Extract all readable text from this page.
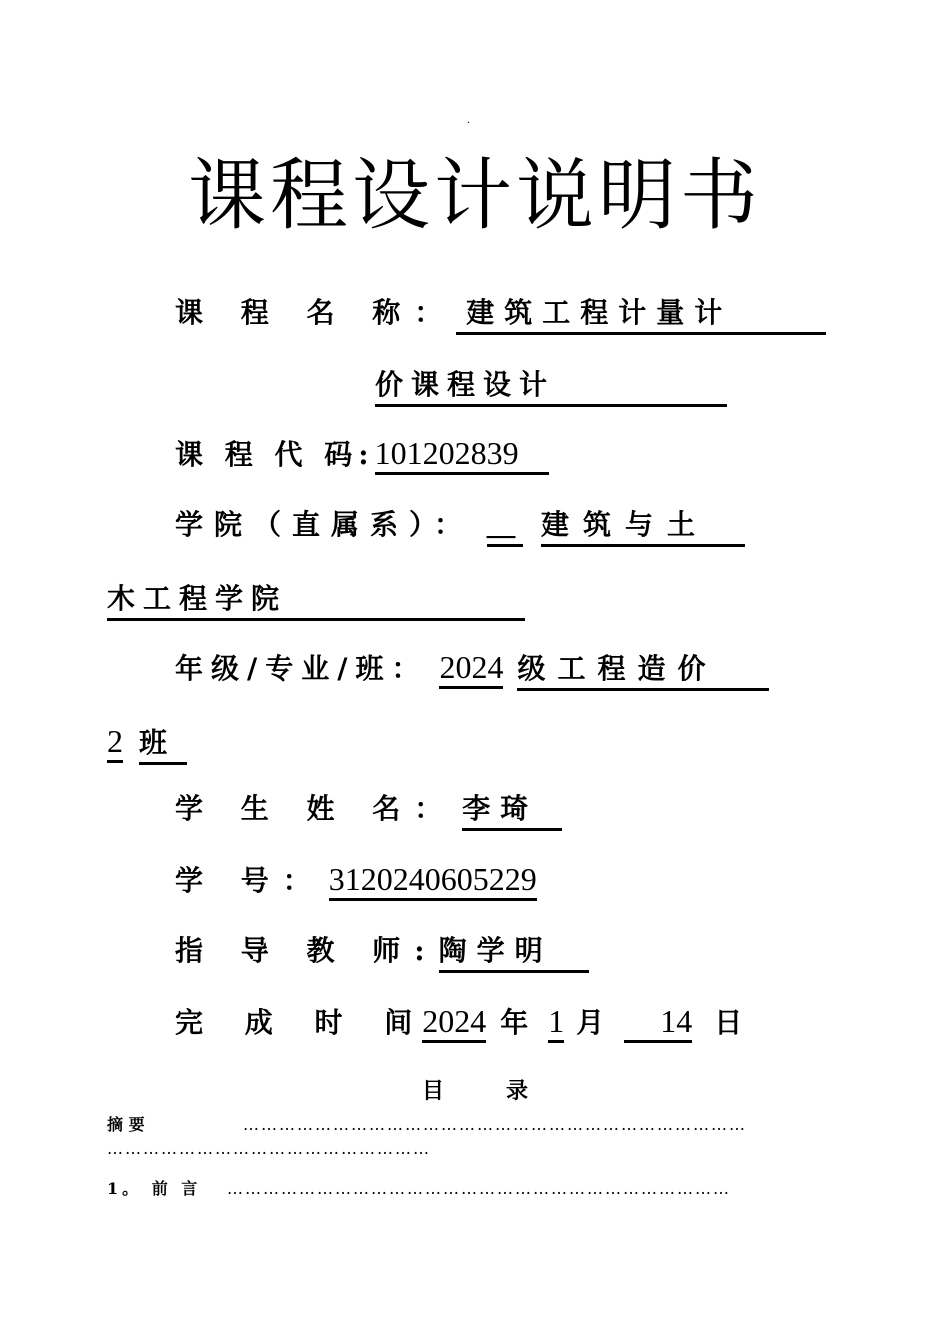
.
课程设计说明书
课 程 名 称： 建筑工程计量计
价课程设计
课 程 代 码:101202839
学院（直属系）： ＿ 建筑与土
木工程学院
年级/专业/班： 2024 级工程造价
2 班
学 生 姓 名： 李琦
学 号： 3120240605229
指 导 教 师:陶学明
完 成 时 间2024 年 1 月 14 日
目录
摘 要	…………………………………………………………………………
………………………………………………
1。 前 言 …………………………………………………………………………
